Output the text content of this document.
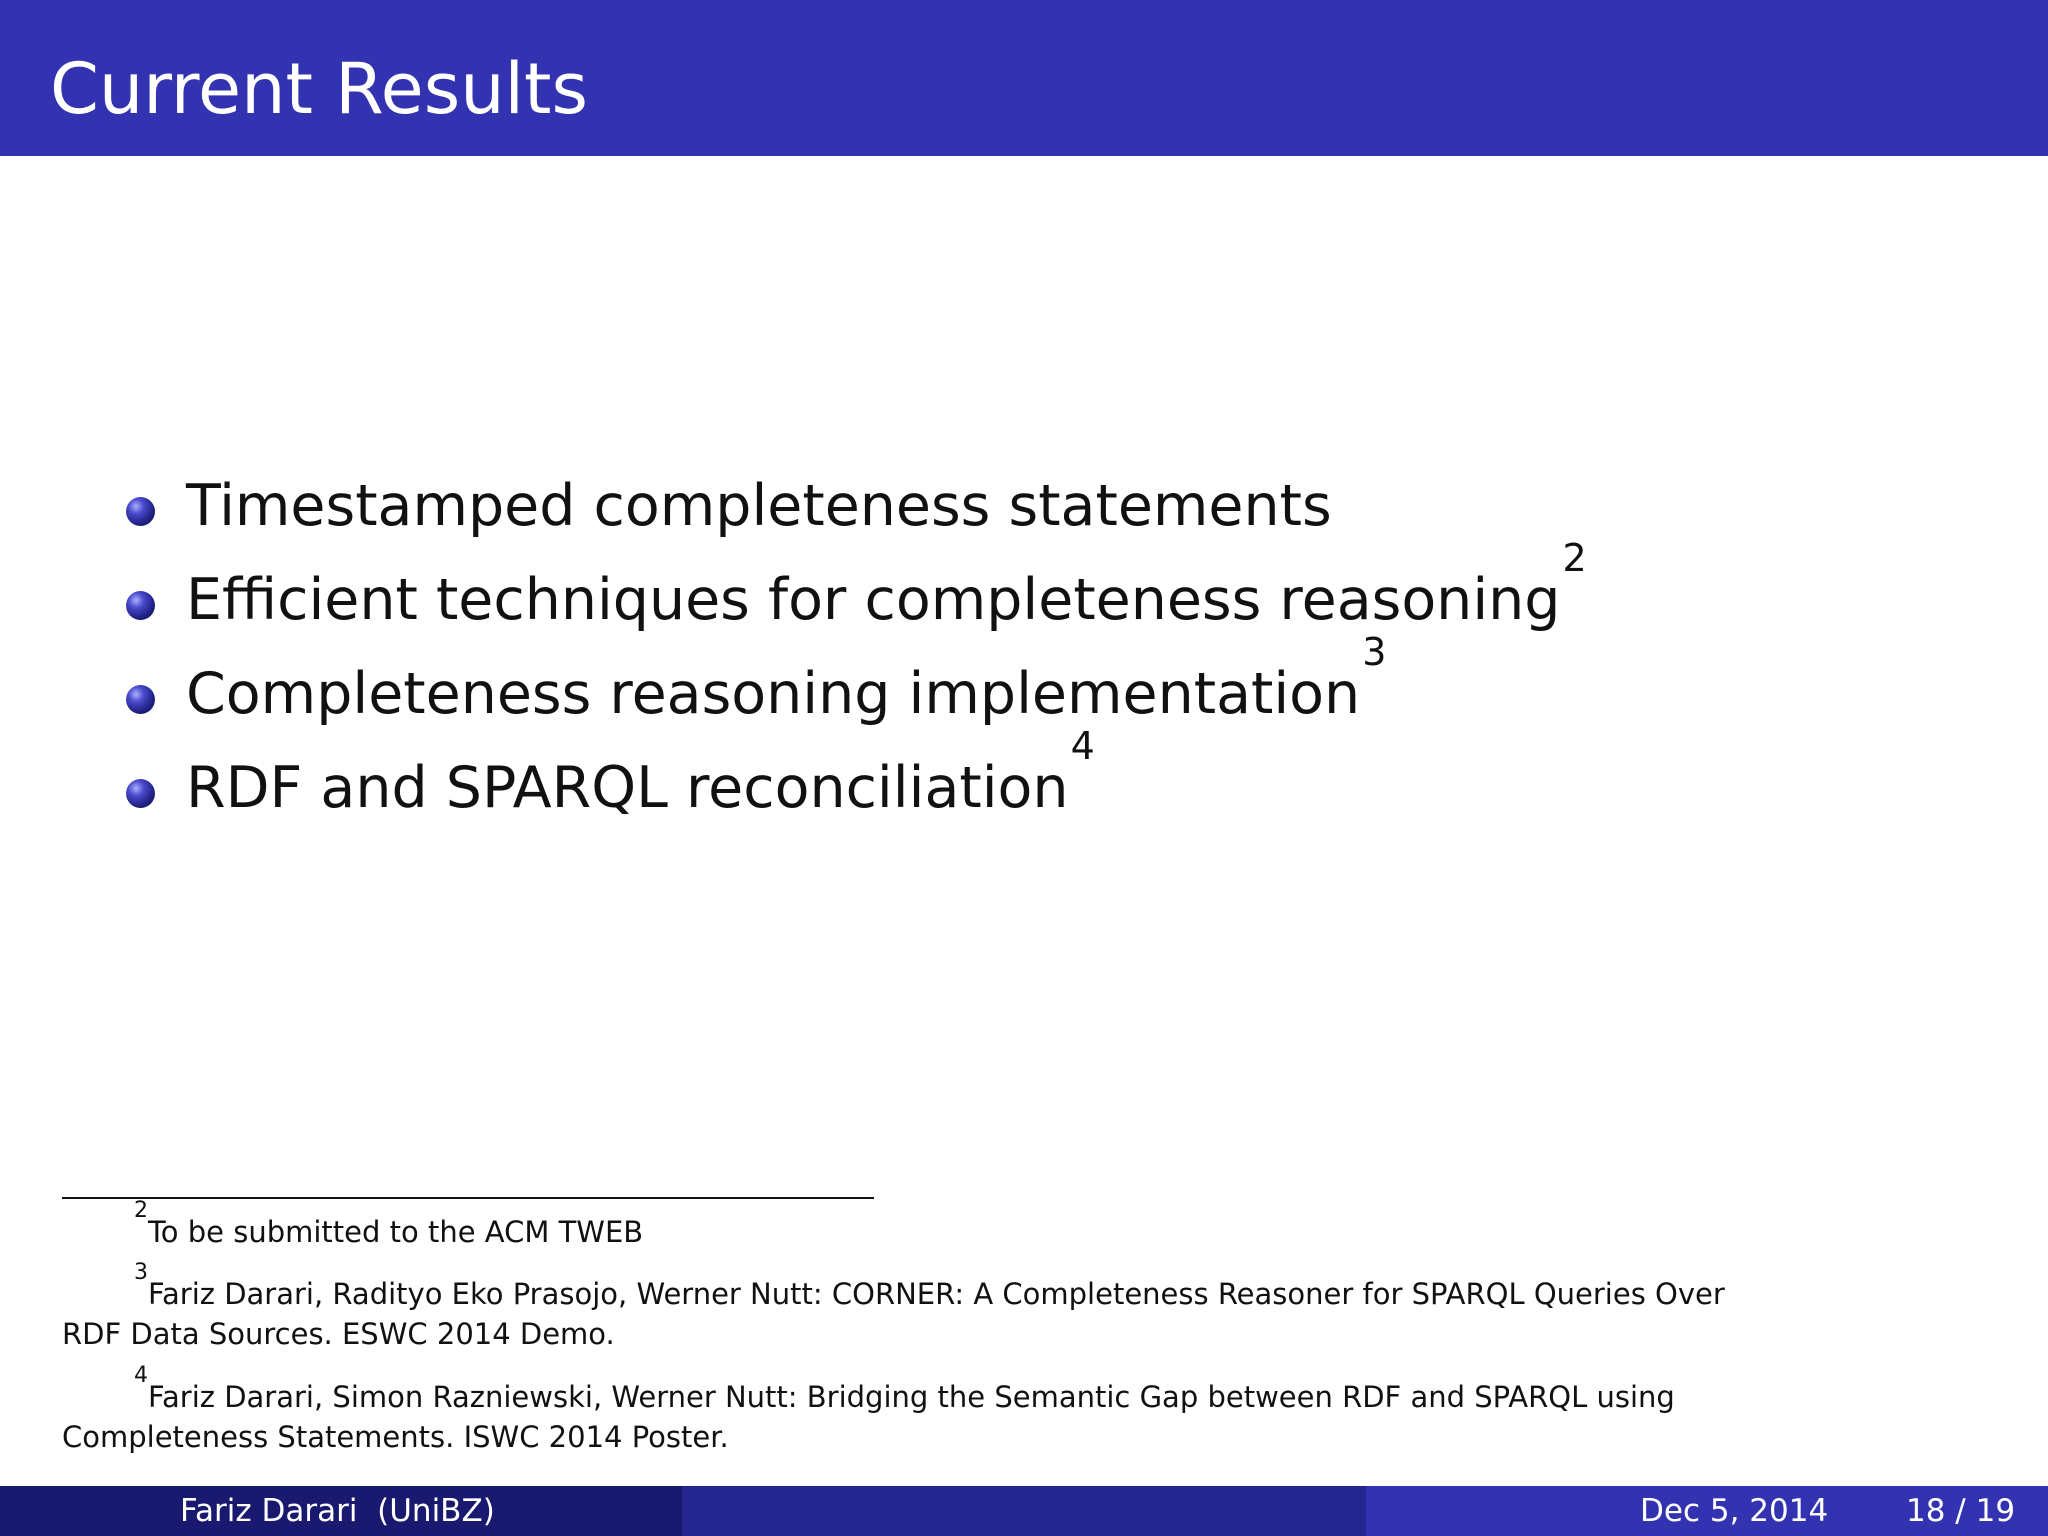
Current Results
Timestamped completeness statements
Efficient techniques for completeness reasoning$^2$
Completeness reasoning implementation$^3$
RDF and SPARQL reconciliation$^4$

$^2$To be submitted to the ACM TWEB

$^3$Fariz Darari, Radityo Eko Prasojo, Werner Nutt: CORNER: A Completeness Reasoner for SPARQL Queries Over RDF Data Sources. ESWC 2014 Demo.

$^4$Fariz Darari, Simon Razniewski, Werner Nutt: Bridging the Semantic Gap between RDF and SPARQL using Completeness Statements. ISWC 2014 Poster.

Fariz Darari  (UniBZ)	Dec 5, 2014	18 / 19
